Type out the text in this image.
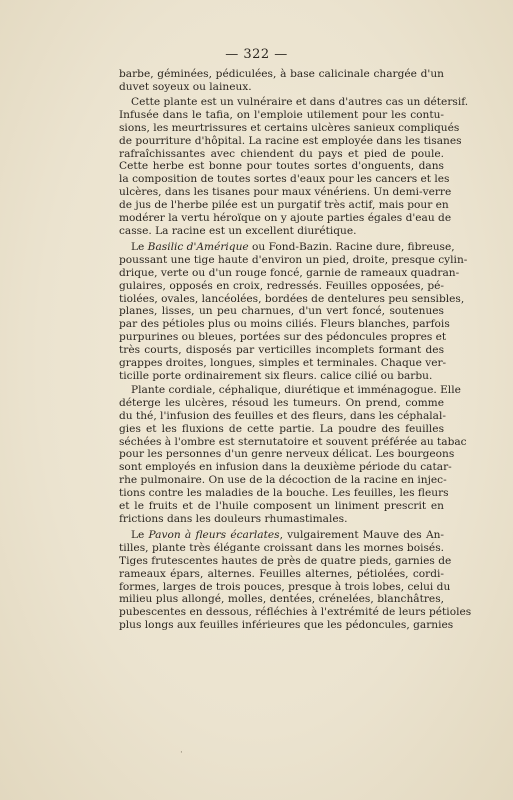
— 322 —
barbe, géminées, pédiculées, à base calicinale chargée d'un
duvet soyeux ou laineux.
Cette plante est un vulnéraire et dans d'autres cas un détersif.
Infusée dans le tafia, on l'emploie utilement pour les contu-
sions, les meurtrissures et certains ulcères sanieux compliqués
de pourriture d'hôpital. La racine est employée dans les tisanes
rafraîchissantes avec chiendent du pays et pied de poule.
Cette herbe est bonne pour toutes sortes d'onguents, dans
la composition de toutes sortes d'eaux pour les cancers et les
ulcères, dans les tisanes pour maux vénériens. Un demi-verre
de jus de l'herbe pilée est un purgatif très actif, mais pour en
modérer la vertu héroïque on y ajoute parties égales d'eau de
casse. La racine est un excellent diurétique.
Le Basilic d'Amérique ou Fond-Bazin. Racine dure, fibreuse,
poussant une tige haute d'environ un pied, droite, presque cylin-
drique, verte ou d'un rouge foncé, garnie de rameaux quadran-
gulaires, opposés en croix, redressés. Feuilles opposées, pé-
tiolées, ovales, lancéolées, bordées de dentelures peu sensibles,
planes, lisses, un peu charnues, d'un vert foncé, soutenues
par des pétioles plus ou moins ciliés. Fleurs blanches, parfois
purpurines ou bleues, portées sur des pédoncules propres et
très courts, disposés par verticilles incomplets formant des
grappes droites, longues, simples et terminales. Chaque ver-
ticille porte ordinairement six fleurs. calice cilié ou barbu.
Plante cordiale, céphalique, diurétique et imménagogue. Elle
déterge les ulcères, résoud les tumeurs. On prend, comme
du thé, l'infusion des feuilles et des fleurs, dans les céphalal-
gies et les fluxions de cette partie. La poudre des feuilles
séchées à l'ombre est sternutatoire et souvent préférée au tabac
pour les personnes d'un genre nerveux délicat. Les bourgeons
sont employés en infusion dans la deuxième période du catar-
rhe pulmonaire. On use de la décoction de la racine en injec-
tions contre les maladies de la bouche. Les feuilles, les fleurs
et le fruits et de l'huile composent un liniment prescrit en
frictions dans les douleurs rhumastimales.
Le Pavon à fleurs écarlates, vulgairement Mauve des An-
tilles, plante très élégante croissant dans les mornes boisés.
Tiges frutescentes hautes de près de quatre pieds, garnies de
rameaux épars, alternes. Feuilles alternes, pétiolées, cordi-
formes, larges de trois pouces, presque à trois lobes, celui du
milieu plus allongé, molles, dentées, crénelées, blanchâtres,
pubescentes en dessous, réfléchies à l'extrémité de leurs pétioles
plus longs aux feuilles inférieures que les pédoncules, garnies
·
